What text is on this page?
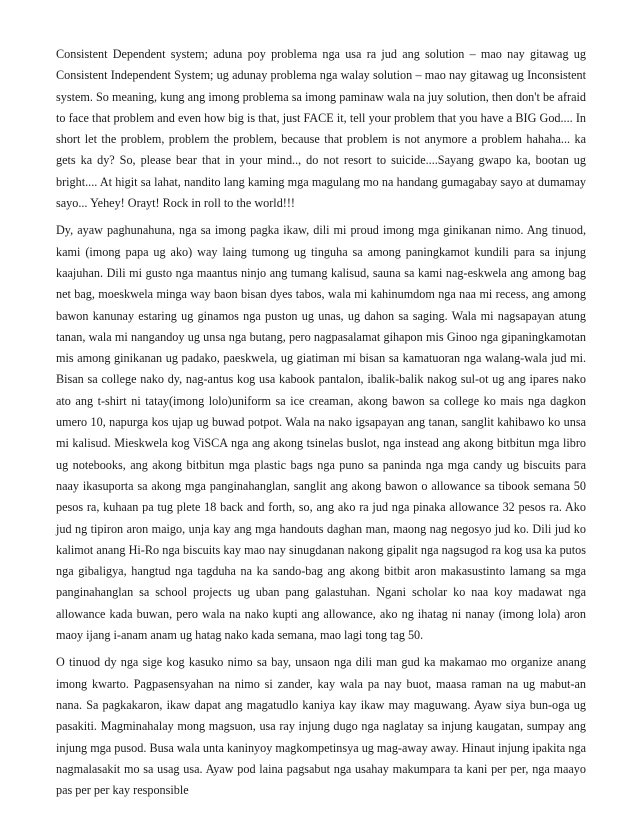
Consistent Dependent system; aduna poy problema nga usa ra jud ang solution – mao nay gitawag ug Consistent Independent System; ug adunay problema nga walay solution – mao nay gitawag ug Inconsistent system. So meaning, kung ang imong problema sa imong paminaw wala na juy solution, then don't be afraid to face that problem and even how big is that, just FACE it, tell your problem that you have a BIG God.... In short let the problem, problem the problem, because that problem is not anymore a problem hahaha... ka gets ka dy? So, please bear that in your mind.., do not resort to suicide....Sayang gwapo ka, bootan ug bright.... At higit sa lahat, nandito lang kaming mga magulang mo na handang gumagabay sayo at dumamay sayo... Yehey! Orayt! Rock in roll to the world!!!

Dy, ayaw paghunahuna, nga sa imong pagka ikaw, dili mi proud imong mga ginikanan nimo. Ang tinuod, kami (imong papa ug ako) way laing tumong ug tinguha sa among paningkamot kundili para sa injung kaajuhan. Dili mi gusto nga maantus ninjo ang tumang kalisud, sauna sa kami nag-eskwela ang among bag net bag, moeskwela minga way baon bisan dyes tabos, wala mi kahinumdom nga naa mi recess, ang among bawon kanunay estaring ug ginamos nga puston ug unas, ug dahon sa saging. Wala mi nagsapayan atung tanan, wala mi nangandoy ug unsa nga butang, pero nagpasalamat gihapon mis Ginoo nga gipaningkamotan mis among ginikanan ug padako, paeskwela, ug giatiman mi bisan sa kamatuoran nga walang-wala jud mi. Bisan sa college nako dy, nag-antus kog usa kabook pantalon, ibalik-balik nakog sul-ot ug ang ipares nako ato ang t-shirt ni tatay(imong lolo)uniform sa ice creaman, akong bawon sa college ko mais nga dagkon umero 10, napurga kos ujap ug buwad potpot. Wala na nako igsapayan ang tanan, sanglit kahibawo ko unsa mi kalisud. Mieskwela kog ViSCA nga ang akong tsinelas buslot, nga instead ang akong bitbitun mga libro ug notebooks, ang akong bitbitun mga plastic bags nga puno sa paninda nga mga candy ug biscuits para naay ikasuporta sa akong mga panginahanglan, sanglit ang akong bawon o allowance sa tibook semana 50 pesos ra, kuhaan pa tug plete 18 back and forth, so, ang ako ra jud nga pinaka allowance 32 pesos ra. Ako jud ng tipiron aron maigo, unja kay ang mga handouts daghan man, maong nag negosyo jud ko. Dili jud ko kalimot anang Hi-Ro nga biscuits kay mao nay sinugdanan nakong gipalit nga nagsugod ra kog usa ka putos nga gibaligya, hangtud nga tagduha na ka sando-bag ang akong bitbit aron makasustinto lamang sa mga panginahanglan sa school projects ug uban pang galastuhan. Ngani scholar ko naa koy madawat nga allowance kada buwan, pero wala na nako kupti ang allowance, ako ng ihatag ni nanay (imong lola) aron maoy ijang i-anam anam ug hatag nako kada semana, mao lagi tong tag 50.

O tinuod dy nga sige kog kasuko nimo sa bay, unsaon nga dili man gud ka makamao mo organize anang imong kwarto. Pagpasensyahan na nimo si zander, kay wala pa nay buot, maasa raman na ug mabut-an nana. Sa pagkakaron, ikaw dapat ang magatudlo kaniya kay ikaw may maguwang. Ayaw siya bun-oga ug pasakiti. Magminahalay mong magsuon, usa ray injung dugo nga naglatay sa injung kaugatan, sumpay ang injung mga pusod. Busa wala unta kaninyoy magkompetinsya ug mag-away away. Hinaut injung ipakita nga nagmalasakit mo sa usag usa. Ayaw pod laina pagsabut nga usahay makumpara ta kani per per, nga maayo pas per per kay responsible
